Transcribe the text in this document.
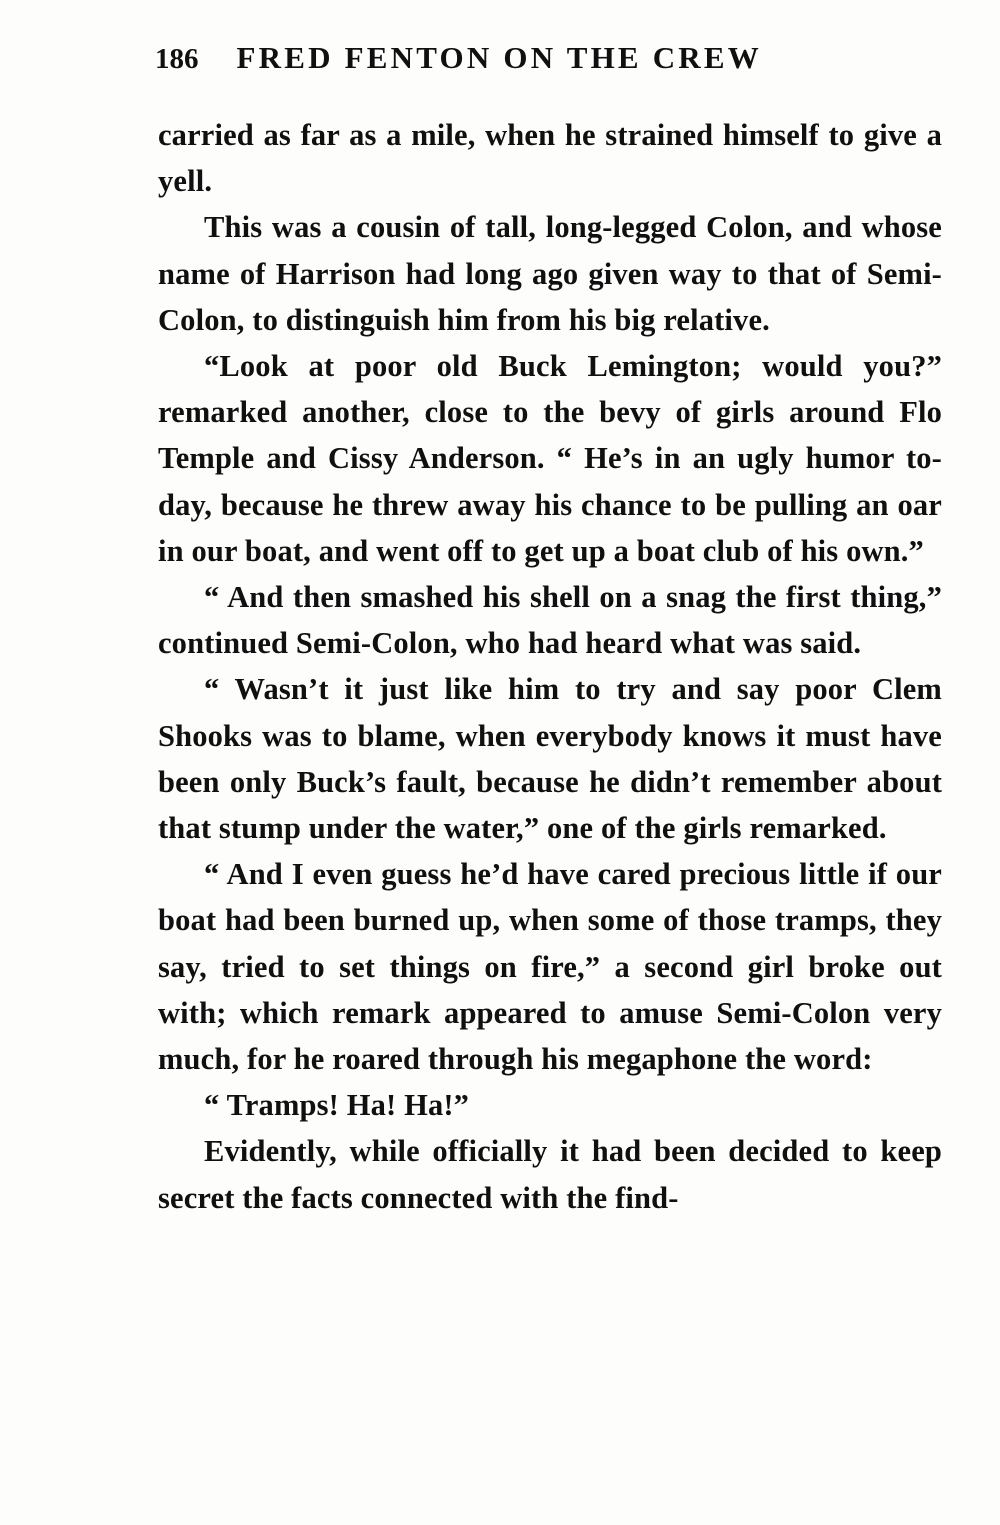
186 FRED FENTON ON THE CREW

carried as far as a mile, when he strained himself to give a yell.

This was a cousin of tall, long-legged Colon, and whose name of Harrison had long ago given way to that of Semi-Colon, to distinguish him from his big relative.

“Look at poor old Buck Lemington; would you?” remarked another, close to the bevy of girls around Flo Temple and Cissy Anderson. “ He’s in an ugly humor to-day, because he threw away his chance to be pulling an oar in our boat, and went off to get up a boat club of his own.”

“ And then smashed his shell on a snag the first thing,” continued Semi-Colon, who had heard what was said.

“ Wasn’t it just like him to try and say poor Clem Shooks was to blame, when everybody knows it must have been only Buck’s fault, because he didn’t remember about that stump under the water,” one of the girls remarked.

“ And I even guess he’d have cared precious little if our boat had been burned up, when some of those tramps, they say, tried to set things on fire,” a second girl broke out with; which remark appeared to amuse Semi-Colon very much, for he roared through his megaphone the word:

“ Tramps! Ha! Ha!”

Evidently, while officially it had been decided to keep secret the facts connected with the find-
